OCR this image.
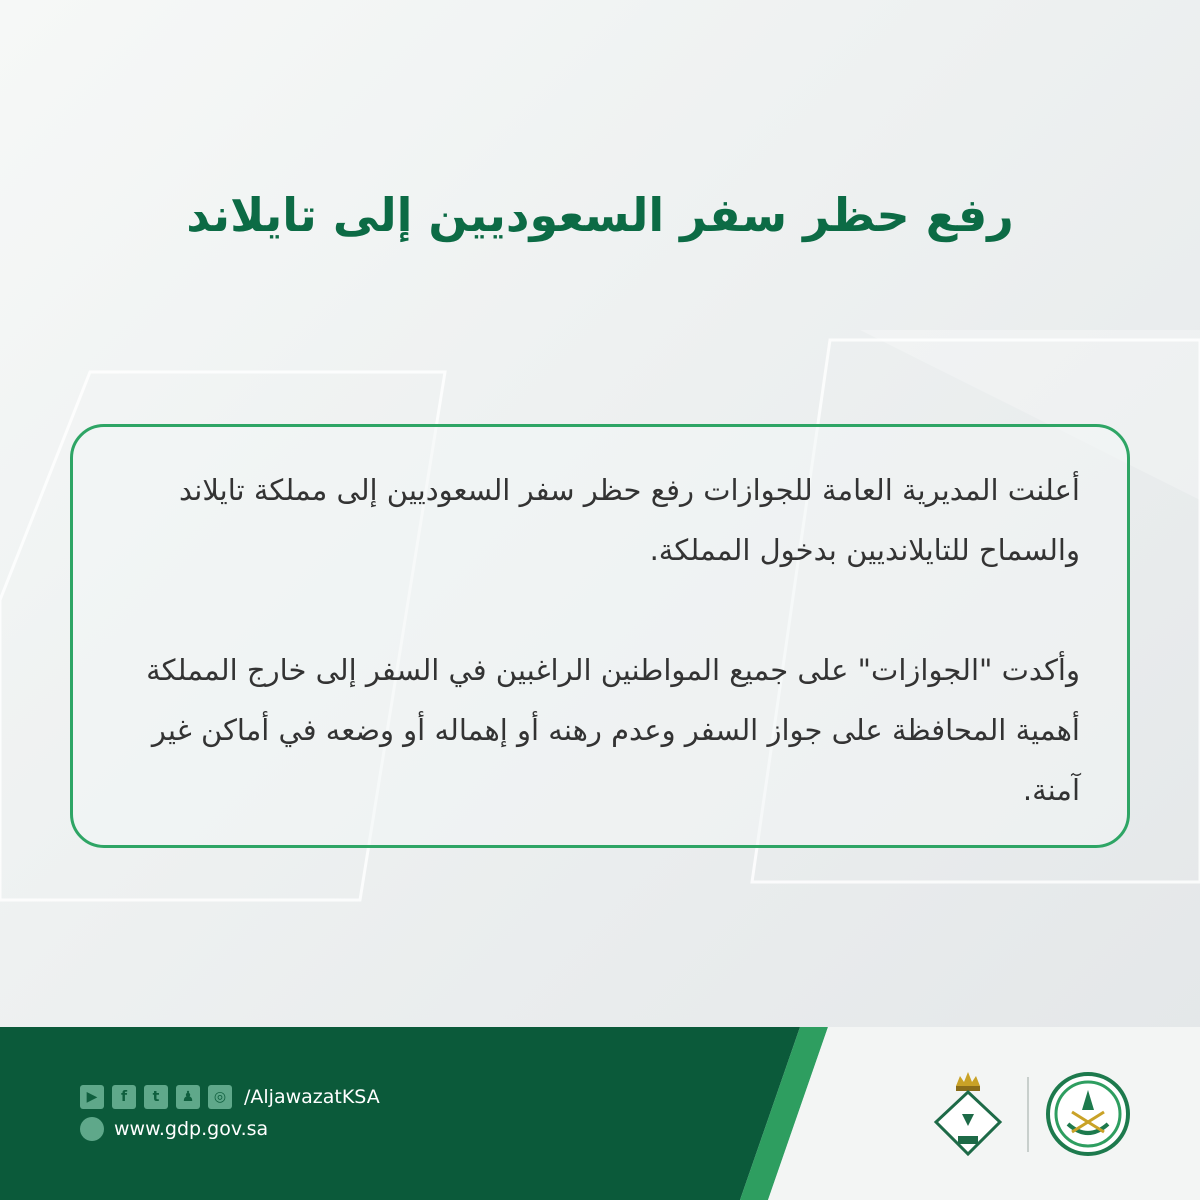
رفع حظر سفر السعوديين إلى تايلاند

أعلنت المديرية العامة للجوازات رفع حظر سفر السعوديين إلى مملكة تايلاند والسماح للتايلانديين بدخول المملكة.

وأكدت "الجوازات" على جميع المواطنين الراغبين في السفر إلى خارج المملكة أهمية المحافظة على جواز السفر وعدم رهنه أو إهماله أو وضعه في أماكن غير آمنة.

▶	f	t	♟	◎ /AljawazatKSA
www.gdp.gov.sa
